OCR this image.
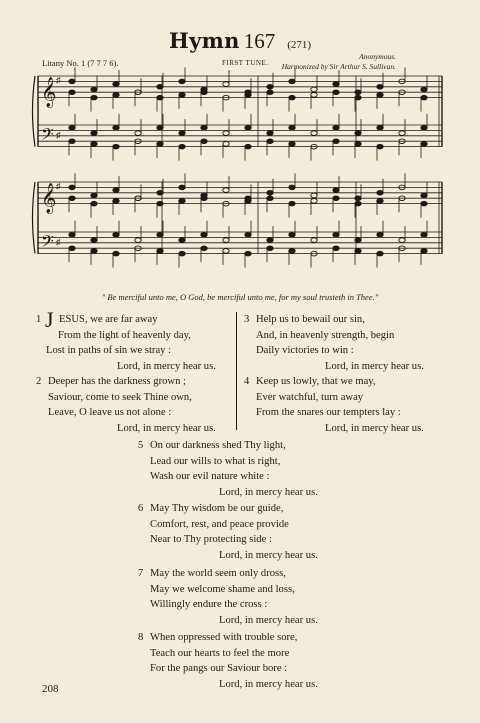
Hymn 167 (271)
Litany No. 1 (7 7 7 6).	FIRST TUNE.
Anonymous.
Harmonized by Sir Arthur S. Sullivan.
𝄞
𝄢
♯
♯
𝄞
𝄢
♯
♯
" Be merciful unto me, O God, be merciful unto me, for my soul trusteth in Thee."
1 J ESUS, we are far away
From the light of heavenly day,
Lost in paths of sin we stray :
Lord, in mercy hear us.
2 Deeper has the darkness grown ;
Saviour, come to seek Thine own,
Leave, O leave us not alone :
Lord, in mercy hear us.
3 Help us to bewail our sin,
And, in heavenly strength, begin
Daily victories to win :
Lord, in mercy hear us.
4 Keep us lowly, that we may,
Ever watchful, turn away
From the snares our tempters lay :
Lord, in mercy hear us.
5 On our darkness shed Thy light,
Lead our wills to what is right,
Wash our evil nature white :
Lord, in mercy hear us.
6 May Thy wisdom be our guide,
Comfort, rest, and peace provide
Near to Thy protecting side :
Lord, in mercy hear us.
7 May the world seem only dross,
May we welcome shame and loss,
Willingly endure the cross :
Lord, in mercy hear us.
8 When oppressed with trouble sore,
Teach our hearts to feel the more
For the pangs our Saviour bore :
Lord, in mercy hear us.
208
